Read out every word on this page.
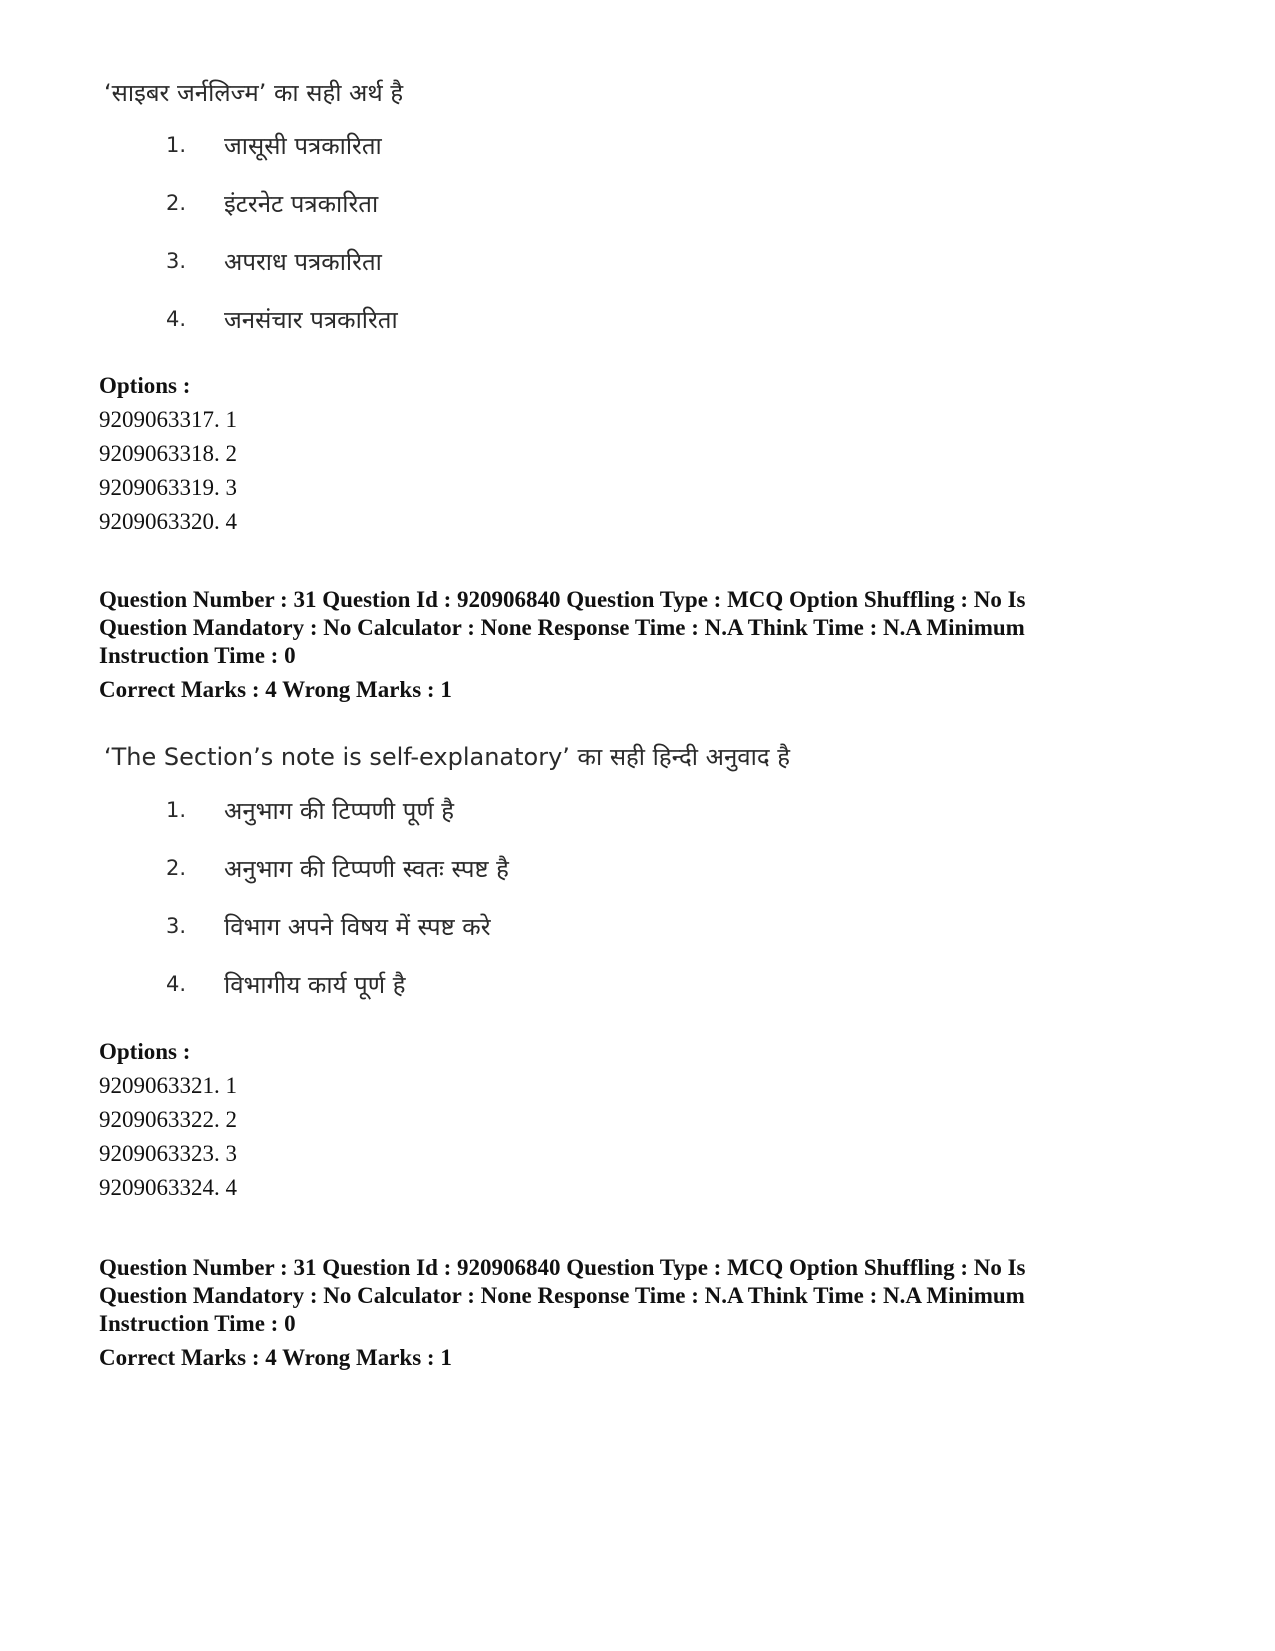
‘साइबर जर्नलिज्म’ का सही अर्थ है
1.	जासूसी पत्रकारिता
2.	इंटरनेट पत्रकारिता
3.	अपराध पत्रकारिता
4.	जनसंचार पत्रकारिता
Options :
9209063317. 1
9209063318. 2
9209063319. 3
9209063320. 4
Question Number : 31 Question Id : 920906840 Question Type : MCQ Option Shuffling : No Is Question Mandatory : No Calculator : None Response Time : N.A Think Time : N.A Minimum Instruction Time : 0
Correct Marks : 4 Wrong Marks : 1
‘The Section’s note is self-explanatory’ का सही हिन्दी अनुवाद है
1.	अनुभाग की टिप्पणी पूर्ण है
2.	अनुभाग की टिप्पणी स्वतः स्पष्ट है
3.	विभाग अपने विषय में स्पष्ट करे
4.	विभागीय कार्य पूर्ण है
Options :
9209063321. 1
9209063322. 2
9209063323. 3
9209063324. 4
Question Number : 31 Question Id : 920906840 Question Type : MCQ Option Shuffling : No Is Question Mandatory : No Calculator : None Response Time : N.A Think Time : N.A Minimum Instruction Time : 0
Correct Marks : 4 Wrong Marks : 1
